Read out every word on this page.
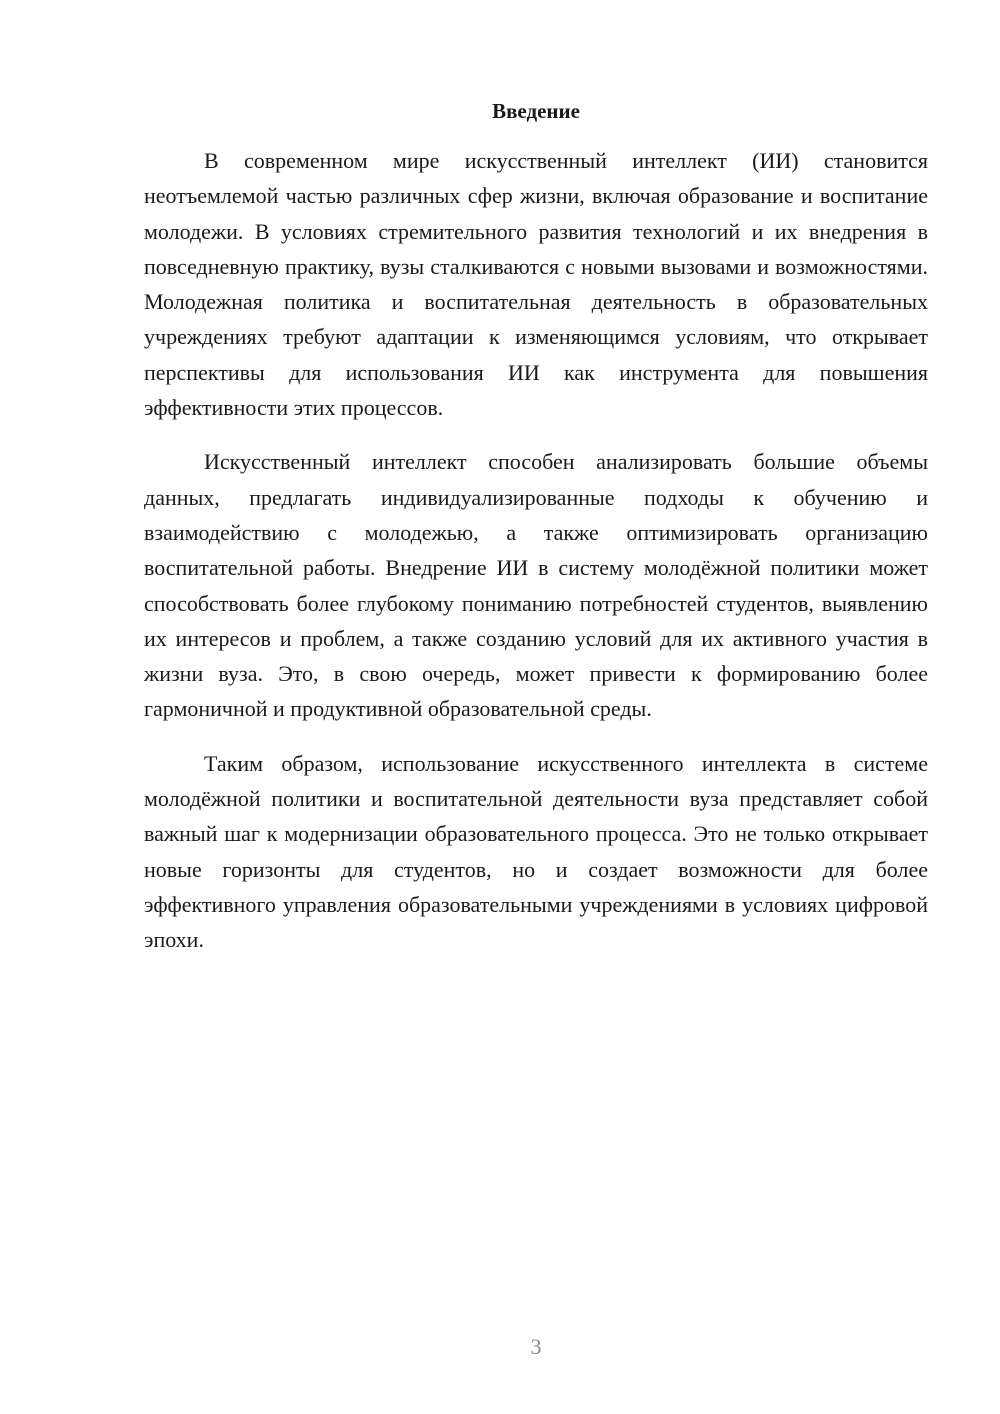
Введение

В современном мире искусственный интеллект (ИИ) становится неотъемлемой частью различных сфер жизни, включая образование и воспитание молодежи. В условиях стремительного развития технологий и их внедрения в повседневную практику, вузы сталкиваются с новыми вызовами и возможностями. Молодежная политика и воспитательная деятельность в образовательных учреждениях требуют адаптации к изменяющимся условиям, что открывает перспективы для использования ИИ как инструмента для повышения эффективности этих процессов.

Искусственный интеллект способен анализировать большие объемы данных, предлагать индивидуализированные подходы к обучению и взаимодействию с молодежью, а также оптимизировать организацию воспитательной работы. Внедрение ИИ в систему молодёжной политики может способствовать более глубокому пониманию потребностей студентов, выявлению их интересов и проблем, а также созданию условий для их активного участия в жизни вуза. Это, в свою очередь, может привести к формированию более гармоничной и продуктивной образовательной среды.

Таким образом, использование искусственного интеллекта в системе молодёжной политики и воспитательной деятельности вуза представляет собой важный шаг к модернизации образовательного процесса. Это не только открывает новые горизонты для студентов, но и создает возможности для более эффективного управления образовательными учреждениями в условиях цифровой эпохи.

3
